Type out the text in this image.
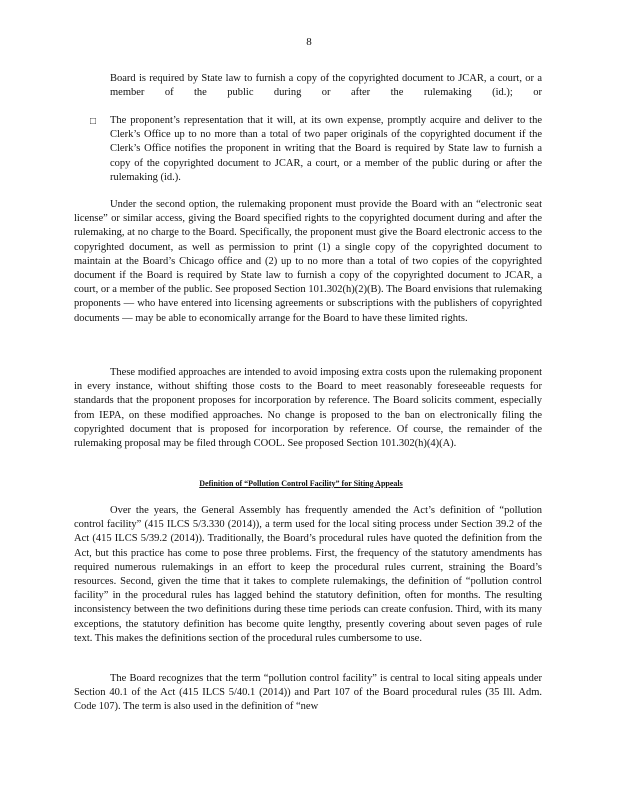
8

Board is required by State law to furnish a copy of the copyrighted document to JCAR, a court, or a member of the public during or after the rulemaking (id.); or

□ The proponent’s representation that it will, at its own expense, promptly acquire and deliver to the Clerk’s Office up to no more than a total of two paper originals of the copyrighted document if the Clerk’s Office notifies the proponent in writing that the Board is required by State law to furnish a copy of the copyrighted document to JCAR, a court, or a member of the public during or after the rulemaking (id.).

Under the second option, the rulemaking proponent must provide the Board with an “electronic seat license” or similar access, giving the Board specified rights to the copyrighted document during and after the rulemaking, at no charge to the Board. Specifically, the proponent must give the Board electronic access to the copyrighted document, as well as permission to print (1) a single copy of the copyrighted document to maintain at the Board’s Chicago office and (2) up to no more than a total of two copies of the copyrighted document if the Board is required by State law to furnish a copy of the copyrighted document to JCAR, a court, or a member of the public. See proposed Section 101.302(h)(2)(B). The Board envisions that rulemaking proponents — who have entered into licensing agreements or subscriptions with the publishers of copyrighted documents — may be able to economically arrange for the Board to have these limited rights.

These modified approaches are intended to avoid imposing extra costs upon the rulemaking proponent in every instance, without shifting those costs to the Board to meet reasonably foreseeable requests for standards that the proponent proposes for incorporation by reference. The Board solicits comment, especially from IEPA, on these modified approaches. No change is proposed to the ban on electronically filing the copyrighted document that is proposed for incorporation by reference. Of course, the remainder of the rulemaking proposal may be filed through COOL. See proposed Section 101.302(h)(4)(A).

Definition of “Pollution Control Facility” for Siting Appeals

Over the years, the General Assembly has frequently amended the Act’s definition of “pollution control facility” (415 ILCS 5/3.330 (2014)), a term used for the local siting process under Section 39.2 of the Act (415 ILCS 5/39.2 (2014)). Traditionally, the Board’s procedural rules have quoted the definition from the Act, but this practice has come to pose three problems. First, the frequency of the statutory amendments has required numerous rulemakings in an effort to keep the procedural rules current, straining the Board’s resources. Second, given the time that it takes to complete rulemakings, the definition of “pollution control facility” in the procedural rules has lagged behind the statutory definition, often for months. The resulting inconsistency between the two definitions during these time periods can create confusion. Third, with its many exceptions, the statutory definition has become quite lengthy, presently covering about seven pages of rule text. This makes the definitions section of the procedural rules cumbersome to use.

The Board recognizes that the term “pollution control facility” is central to local siting appeals under Section 40.1 of the Act (415 ILCS 5/40.1 (2014)) and Part 107 of the Board procedural rules (35 Ill. Adm. Code 107). The term is also used in the definition of “new
